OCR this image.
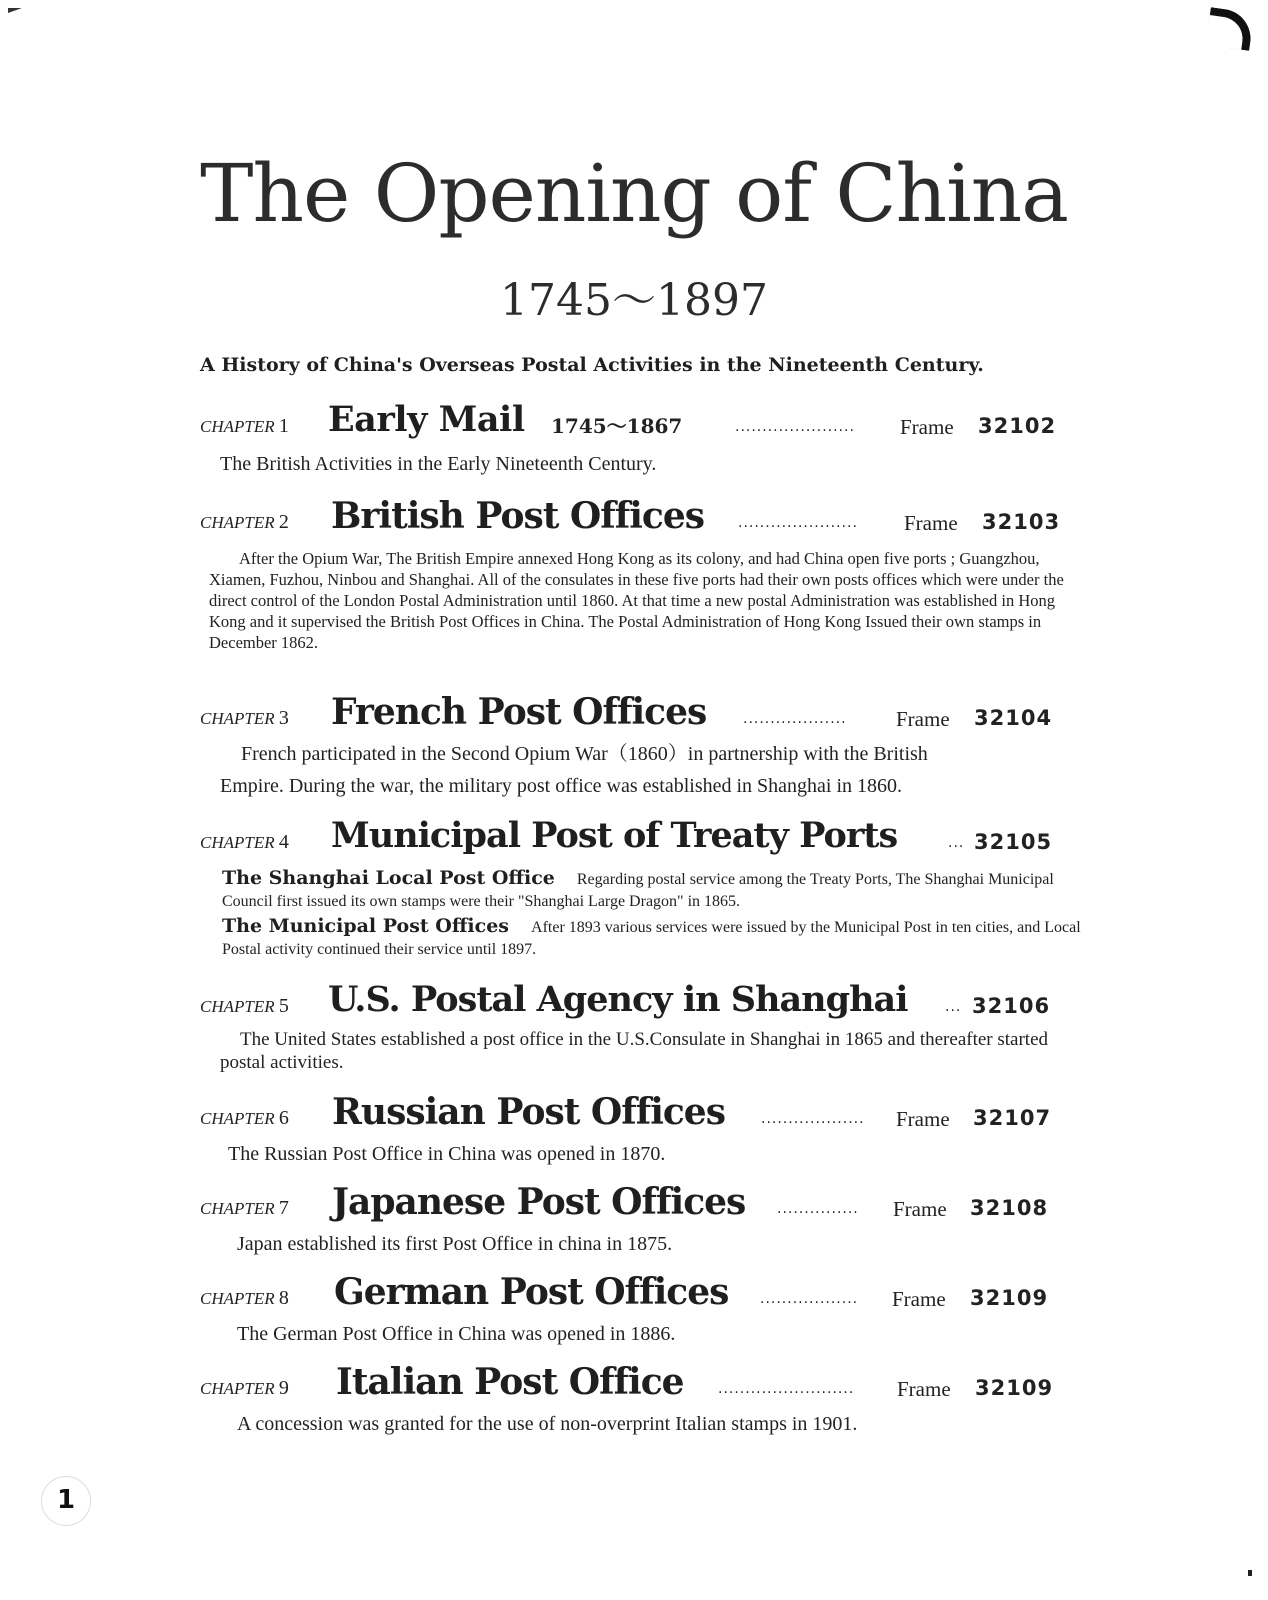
The Opening of China
1745〜1897
A History of China's Overseas Postal Activities in the Nineteenth Century.
CHAPTER 1 Early Mail 1745〜1867	...................... Frame 32102
The British Activities in the Early Nineteenth Century.
CHAPTER 2 British Post Offices ...................... Frame 32103
After the Opium War, The British Empire annexed Hong Kong as its colony, and had China open five ports ; Guangzhou, Xiamen, Fuzhou, Ninbou and Shanghai. All of the consulates in these five ports had their own posts offices which were under the direct control of the London Postal Administration until 1860. At that time a new postal Administration was established in Hong Kong and it supervised the British Post Offices in China. The Postal Administration of Hong Kong Issued their own stamps in December 1862.
CHAPTER 3 French Post Offices	................... Frame 32104
French participated in the Second Opium War（1860）in partnership with the British
Empire. During the war, the military post office was established in Shanghai in 1860.
CHAPTER 4 Municipal Post of Treaty Ports	... 32105
The Shanghai Local Post Office Regarding postal service among the Treaty Ports, The Shanghai Municipal Council first issued its own stamps were their "Shanghai Large Dragon" in 1865.
The Municipal Post Offices After 1893 various services were issued by the Municipal Post in ten cities, and Local Postal activity continued their service until 1897.
CHAPTER 5 U.S. Postal Agency in Shanghai	... 32106
The United States established a post office in the U.S.Consulate in Shanghai in 1865 and thereafter started postal activities.
CHAPTER 6 Russian Post Offices	................... Frame 32107
The Russian Post Office in China was opened in 1870.
CHAPTER 7 Japanese Post Offices ............... Frame 32108
Japan established its first Post Office in china in 1875.
CHAPTER 8 German Post Offices .................. Frame 32109
The German Post Office in China was opened in 1886.
CHAPTER 9 Italian Post Office ......................... Frame 32109
A concession was granted for the use of non-overprint Italian stamps in 1901.
1
